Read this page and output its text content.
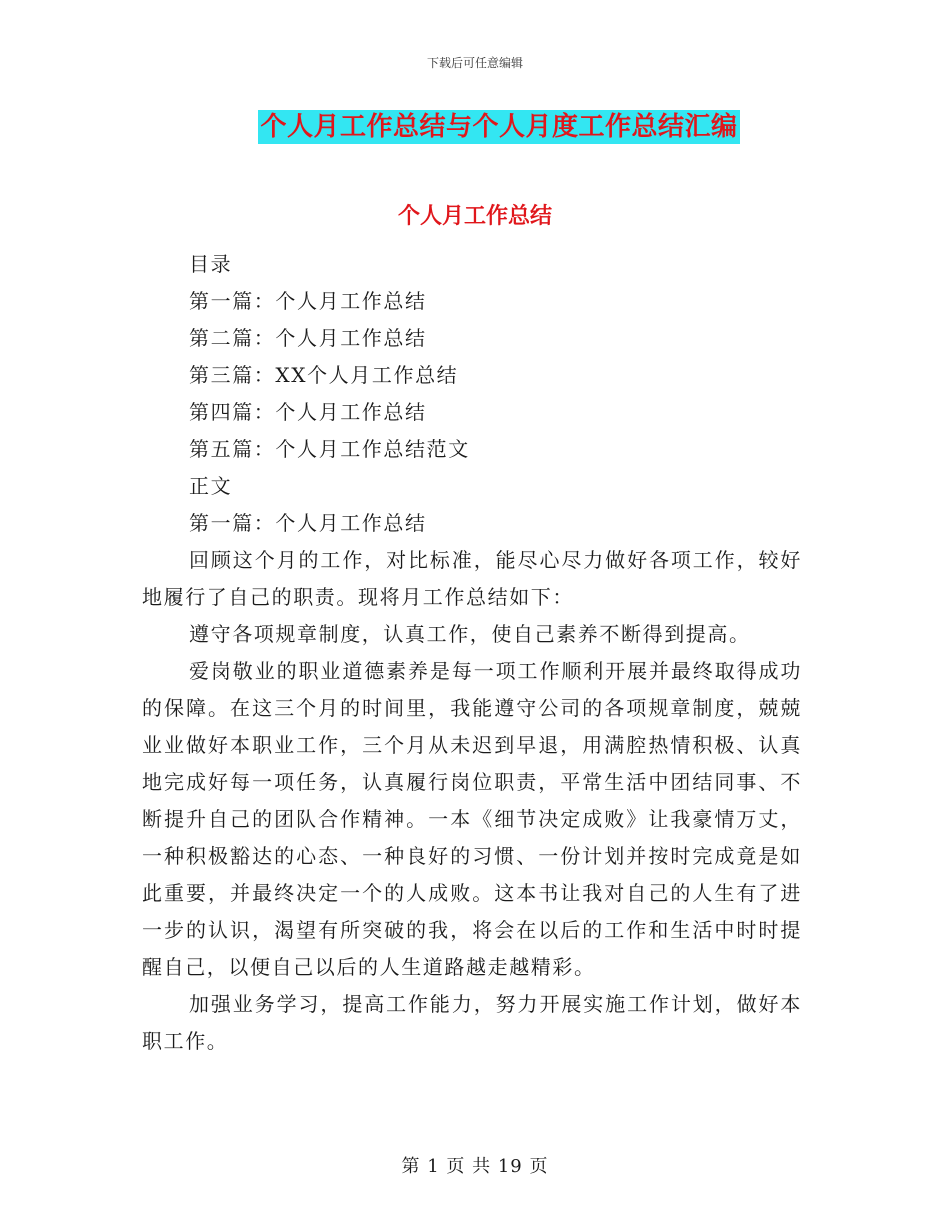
下载后可任意编辑
个人月工作总结与个人月度工作总结汇编
个人月工作总结

目录

第一篇：个人月工作总结

第二篇：个人月工作总结

第三篇：XX个人月工作总结

第四篇：个人月工作总结

第五篇：个人月工作总结范文

正文

第一篇：个人月工作总结

回顾这个月的工作，对比标准，能尽心尽力做好各项工作，较好地履行了自己的职责。现将月工作总结如下：

遵守各项规章制度，认真工作，使自己素养不断得到提高。

爱岗敬业的职业道德素养是每一项工作顺利开展并最终取得成功的保障。在这三个月的时间里，我能遵守公司的各项规章制度，兢兢业业做好本职业工作，三个月从未迟到早退，用满腔热情积极、认真地完成好每一项任务，认真履行岗位职责，平常生活中团结同事、不断提升自己的团队合作精神。一本《细节决定成败》让我豪情万丈，一种积极豁达的心态、一种良好的习惯、一份计划并按时完成竟是如此重要，并最终决定一个的人成败。这本书让我对自己的人生有了进一步的认识，渴望有所突破的我，将会在以后的工作和生活中时时提醒自己，以便自己以后的人生道路越走越精彩。

加强业务学习，提高工作能力，努力开展实施工作计划，做好本职工作。

第 1 页 共 19 页
